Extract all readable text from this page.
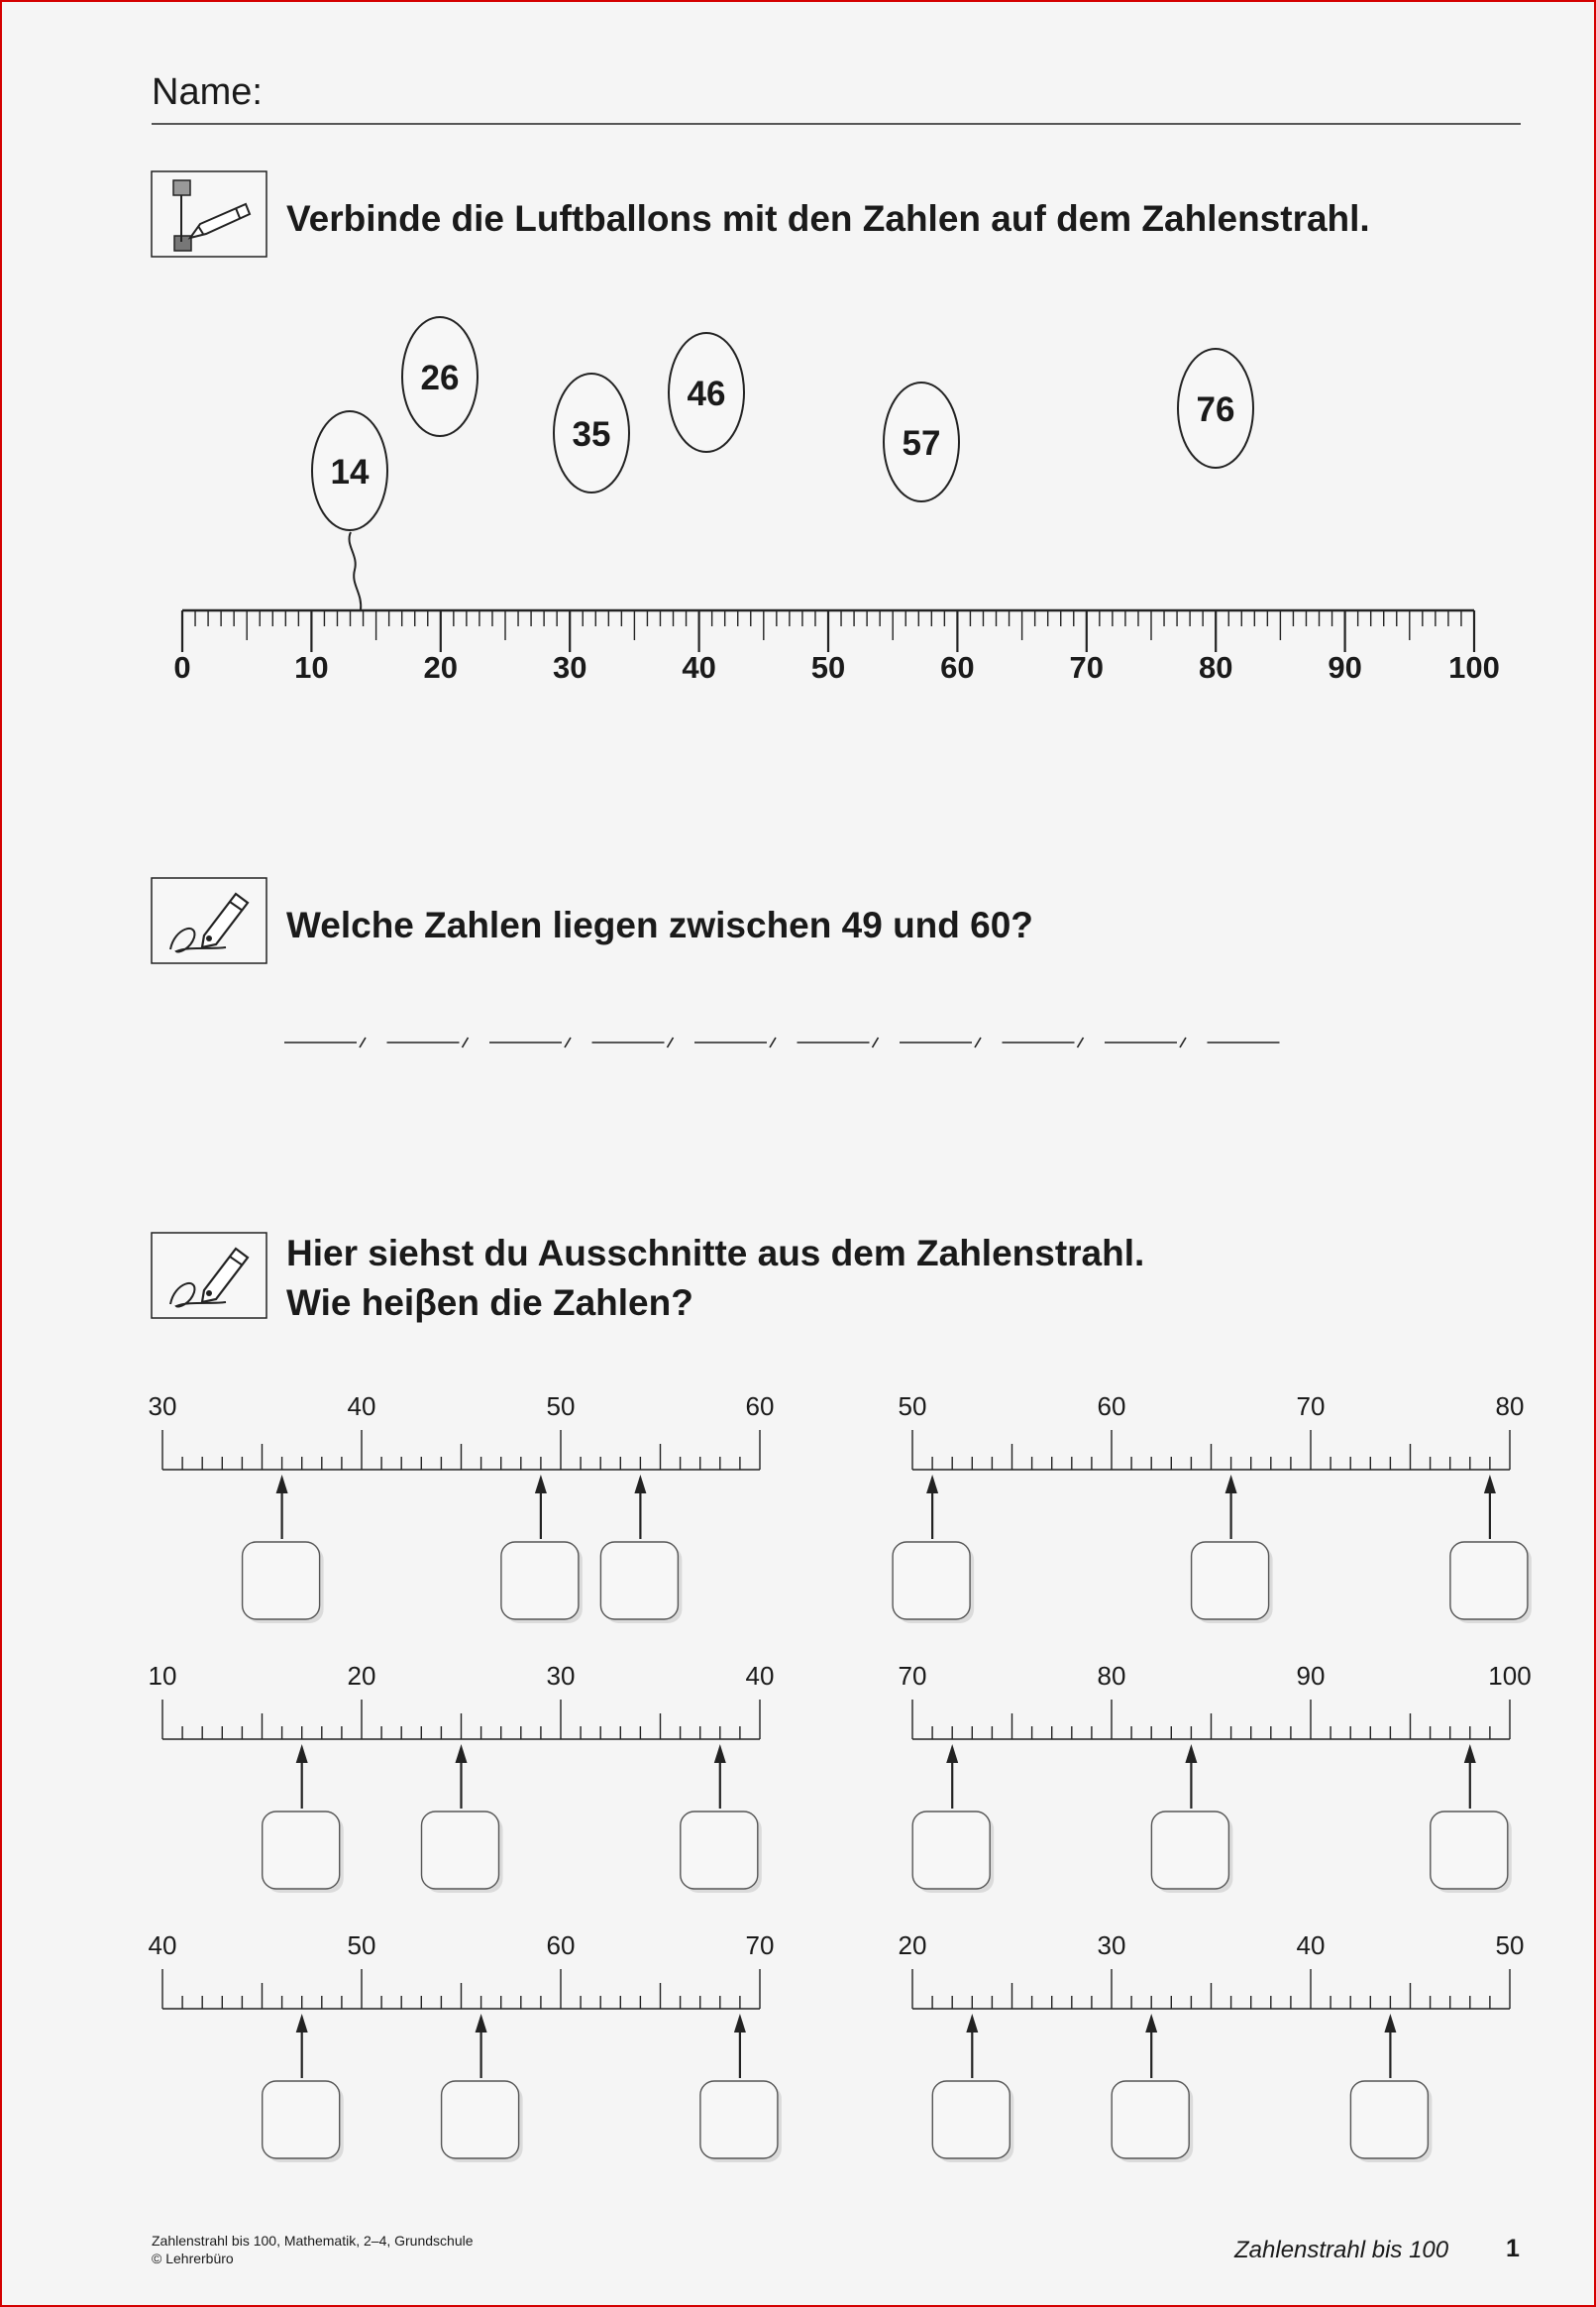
Name:
Verbinde die Luftballons mit den Zahlen auf dem Zahlenstrahl.
Welche Zahlen liegen zwischen 49 und 60?
Hier siehst du Ausschnitte aus dem Zahlenstrahl.
Wie heiβen die Zahlen?
14
26
35
46
57
76
0	10	20	30	40	50	60	70	80	90	100
30	40	50	60	50	60	70	80
10	20	30	40	70	80	90	100
40	50	60	70	20	30	40	50
Zahlenstrahl bis 100, Mathematik, 2–4, Grundschule
© Lehrerbüro	Zahlenstrahl bis 100 1
